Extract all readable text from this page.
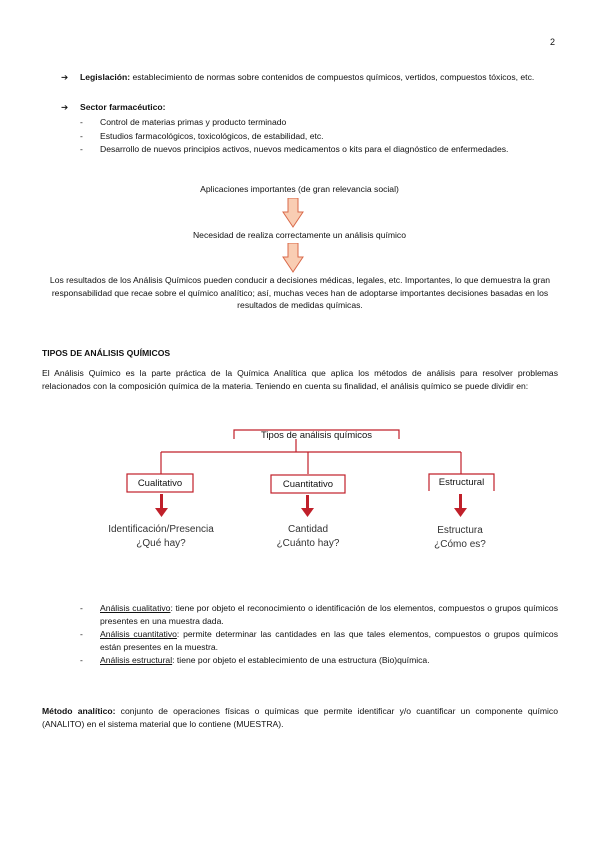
2
➔ Legislación: establecimiento de normas sobre contenidos de compuestos químicos, vertidos, compuestos tóxicos, etc.
➔ Sector farmacéutico:
- Control de materias primas y producto terminado
- Estudios farmacológicos, toxicológicos, de estabilidad, etc.
- Desarrollo de nuevos principios activos, nuevos medicamentos o kits para el diagnóstico de enfermedades.
Aplicaciones importantes (de gran relevancia social)
Necesidad de realiza correctamente un análisis químico
Los resultados de los Análisis Químicos pueden conducir a decisiones médicas, legales, etc. Importantes, lo que demuestra la gran responsabilidad que recae sobre el químico analítico; así, muchas veces han de adoptarse importantes decisiones basadas en los resultados de medidas químicas.
TIPOS DE ANÁLISIS QUÍMICOS
El Análisis Químico es la parte práctica de la Química Analítica que aplica los métodos de análisis para resolver problemas relacionados con la composición química de la materia. Teniendo en cuenta su finalidad, el análisis químico se puede dividir en:
Tipos de análisis químicos
Cualitativo	Cuantitativo	Estructural
Identificación/Presencia
¿Qué hay?
Cantidad
¿Cuánto hay?
Estructura
¿Cómo es?
- Análisis cualitativo: tiene por objeto el reconocimiento o identificación de los elementos, compuestos o grupos químicos presentes en una muestra dada.
- Análisis cuantitativo: permite determinar las cantidades en las que tales elementos, compuestos o grupos químicos están presentes en la muestra.
- Análisis estructural: tiene por objeto el establecimiento de una estructura (Bio)química.
Método analítico: conjunto de operaciones físicas o químicas que permite identificar y/o cuantificar un componente químico (ANALITO) en el sistema material que lo contiene (MUESTRA).
